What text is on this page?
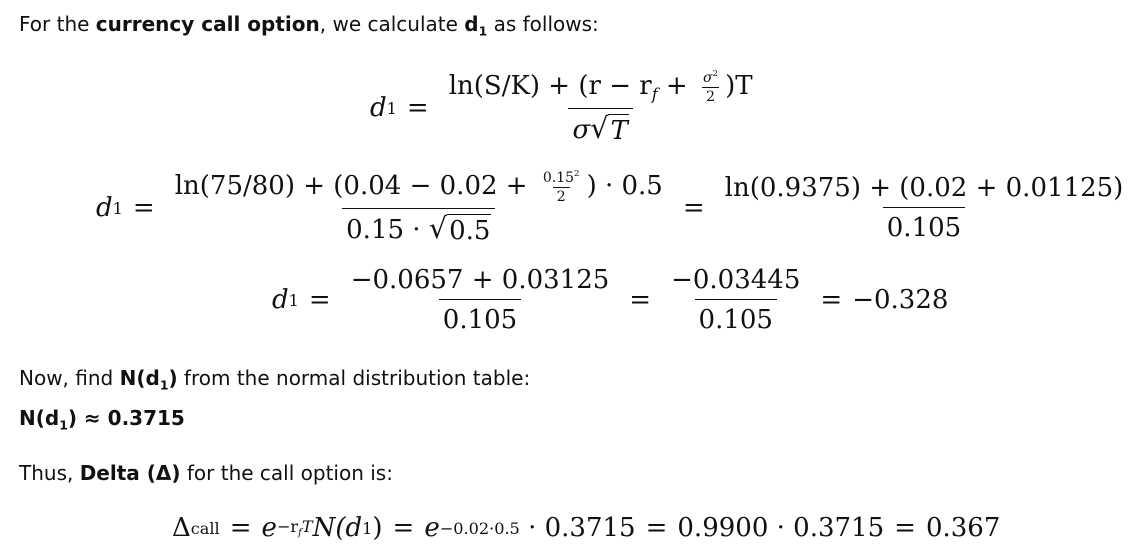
For the currency call option, we calculate $d_1$ as follows:
d $1 = \frac{\ln(S/K) + (r - r_f + \frac{\sigma^2}{2} )T}{\sigma √ T}$
d $1 = \frac{\ln(75/80) + (0.04 - 0.02 + \frac{0.15^2}{2} ) \cdot 0.5}{0.15 \cdot √ 0.5} = \frac{\ln(0.9375) + (0.02 + 0.01125)}{0.105}$
d $1 = \frac{-0.0657 + 0.03125}{0.105} = \frac{-0.03445}{0.105} = -0.328$
Now, find $N(d_1)$ from the normal distribution table:
$N(d_1) \approx 0.3715$
Thus, Delta (Δ) for the call option is:
Δ call = $e -r_fT$ N(d 1 ) = e −0.02·0.5
· 0.3715 = 0.9900 · 0.3715 = 0.367
